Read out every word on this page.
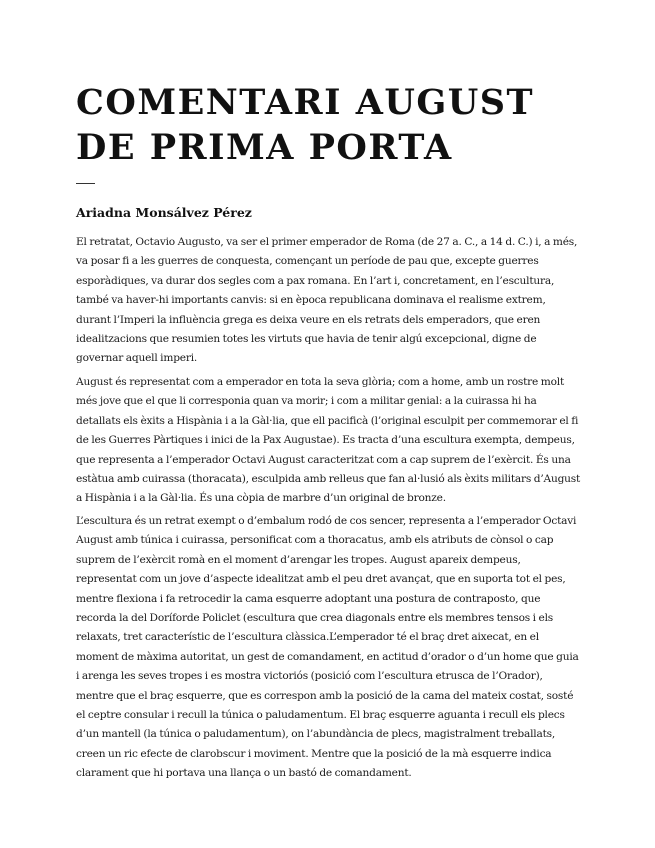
COMENTARI AUGUST DE PRIMA PORTA

Ariadna Monsálvez Pérez

El retratat, Octavio Augusto, va ser el primer emperador de Roma (de 27 a. C., a 14 d. C.) i, a més, va posar fi a les guerres de conquesta, començant un període de pau que, excepte guerres esporàdiques, va durar dos segles com a pax romana. En l’art i, concretament, en l’escultura, també va haver-hi importants canvis: si en època republicana dominava el realisme extrem, durant l’Imperi la influència grega es deixa veure en els retrats dels emperadors, que eren idealitzacions que resumien totes les virtuts que havia de tenir algú excepcional, digne de governar aquell imperi.

August és representat com a emperador en tota la seva glòria; com a home, amb un rostre molt més jove que el que li corresponia quan va morir; i com a militar genial: a la cuirassa hi ha detallats els èxits a Hispània i a la Gàl·lia, que ell pacificà (l’original esculpit per commemorar el fi de les Guerres Pàrtiques i inici de la Pax Augustae). Es tracta d’una escultura exempta, dempeus, que representa a l’emperador Octavi August caracteritzat com a cap suprem de l’exèrcit. És una estàtua amb cuirassa (thoracata), esculpida amb relleus que fan al·lusió als èxits militars d’August a Hispània i a la Gàl·lia. És una còpia de marbre d’un original de bronze.

L’escultura és un retrat exempt o d’embalum rodó de cos sencer, representa a l’emperador Octavi August amb túnica i cuirassa, personificat com a thoracatus, amb els atributs de cònsol o cap suprem de l’exèrcit romà en el moment d’arengar les tropes. August apareix dempeus, representat com un jove d’aspecte idealitzat amb el peu dret avançat, que en suporta tot el pes, mentre flexiona i fa retrocedir la cama esquerre adoptant una postura de contraposto, que recorda la del Doríforde Policlet (escultura que crea diagonals entre els membres tensos i els relaxats, tret característic de l’escultura clàssica.L’emperador té el braç dret aixecat, en el moment de màxima autoritat, un gest de comandament, en actitud d’orador o d’un home que guia i arenga les seves tropes i es mostra victoriós (posició com l’escultura etrusca de l’Orador), mentre que el braç esquerre, que es correspon amb la posició de la cama del mateix costat, sosté el ceptre consular i recull la túnica o paludamentum. El braç esquerre aguanta i recull els plecs d’un mantell (la túnica o paludamentum), on l’abundància de plecs, magistralment treballats, creen un ric efecte de clarobscur i moviment. Mentre que la posició de la mà esquerre indica clarament que hi portava una llança o un bastó de comandament.
